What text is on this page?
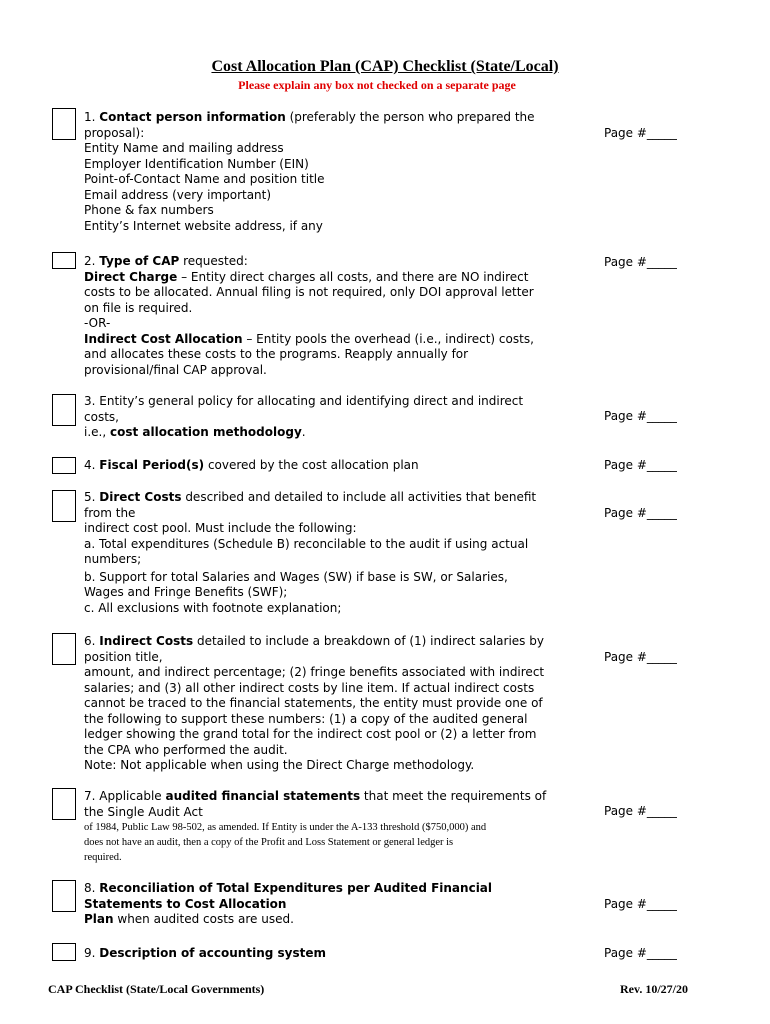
Cost Allocation Plan (CAP) Checklist (State/Local)
Please explain any box not checked on a separate page
1. Contact person information (preferably the person who prepared the
proposal):
Entity Name and mailing address
Employer Identification Number (EIN)
Point-of-Contact Name and position title
Email address (very important)
Phone & fax numbers
Entity’s Internet website address, if any
Page #_____
2. Type of CAP requested:
Direct Charge – Entity direct charges all costs, and there are NO indirect
costs to be allocated. Annual filing is not required, only DOI approval letter
on file is required.
-OR-
Indirect Cost Allocation – Entity pools the overhead (i.e., indirect) costs,
and allocates these costs to the programs. Reapply annually for
provisional/final CAP approval.
Page #_____
3. Entity’s general policy for allocating and identifying direct and indirect
costs,
i.e., cost allocation methodology.
Page #_____
4. Fiscal Period(s) covered by the cost allocation plan	Page #_____
5. Direct Costs described and detailed to include all activities that benefit
from the
indirect cost pool. Must include the following:
a. Total expenditures (Schedule B) reconcilable to the audit if using actual
numbers;
b. Support for total Salaries and Wages (SW) if base is SW, or Salaries,
Wages and Fringe Benefits (SWF);
c. All exclusions with footnote explanation;
Page #_____
6. Indirect Costs detailed to include a breakdown of (1) indirect salaries by
position title,
amount, and indirect percentage; (2) fringe benefits associated with indirect
salaries; and (3) all other indirect costs by line item. If actual indirect costs
cannot be traced to the financial statements, the entity must provide one of
the following to support these numbers: (1) a copy of the audited general
ledger showing the grand total for the indirect cost pool or (2) a letter from
the CPA who performed the audit.
Note: Not applicable when using the Direct Charge methodology.
Page #_____
7. Applicable audited financial statements that meet the requirements of
the Single Audit Act
of 1984, Public Law 98-502, as amended. If Entity is under the A-133 threshold ($750,000) and
does not have an audit, then a copy of the Profit and Loss Statement or general ledger is
required.
Page #_____
8. Reconciliation of Total Expenditures per Audited Financial
Statements to Cost Allocation
Plan when audited costs are used.
Page #_____
9. Description of accounting system	Page #_____
CAP Checklist (State/Local Governments)	Rev. 10/27/20
